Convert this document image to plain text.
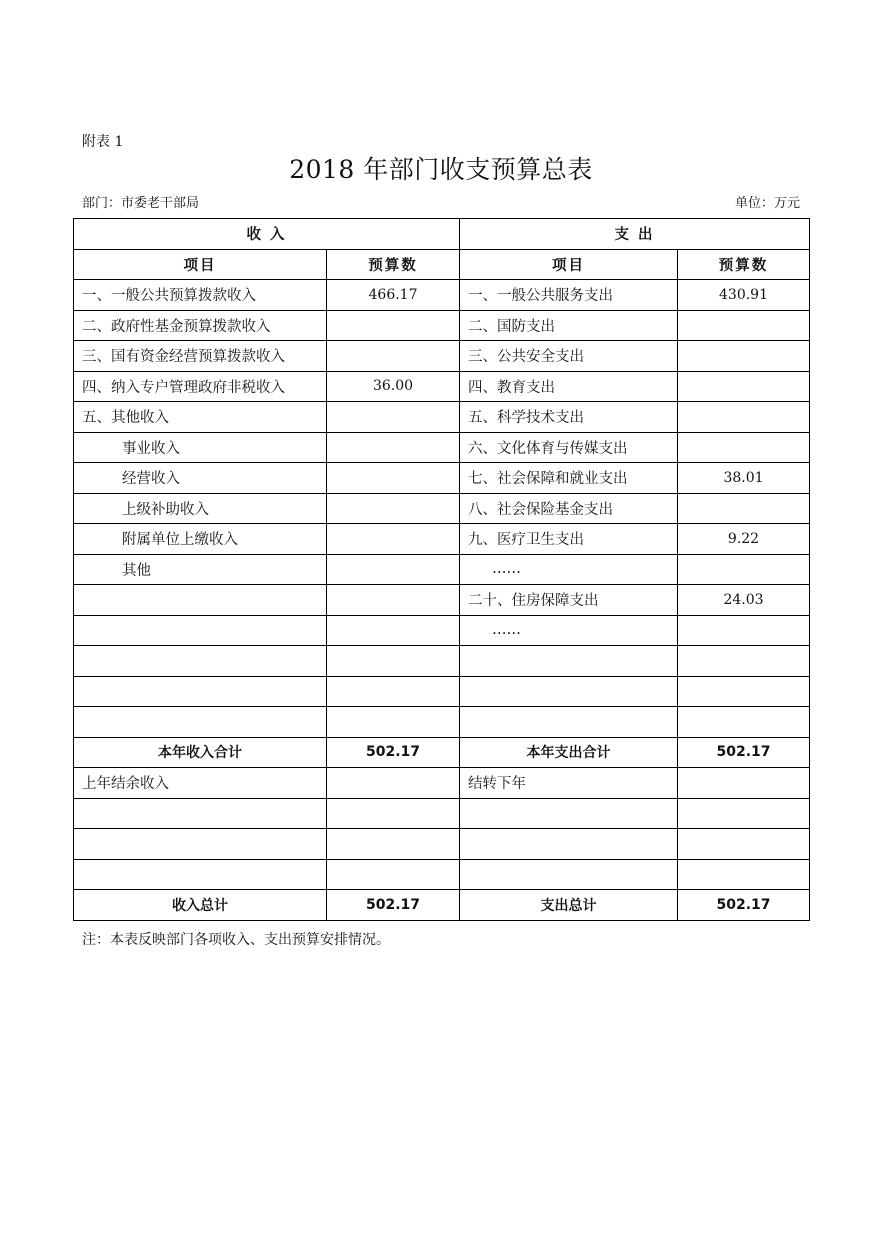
附表 1
2018 年部门收支预算总表
部门：市委老干部局	单位：万元
收 入		支 出	
项目	预算数	项目	预算数
一、一般公共预算拨款收入	466.17	一、一般公共服务支出	430.91
二、政府性基金预算拨款收入		二、国防支出	
三、国有资金经营预算拨款收入		三、公共安全支出	
四、纳入专户管理政府非税收入	36.00	四、教育支出	
五、其他收入		五、科学技术支出	
事业收入		六、文化体育与传媒支出	
经营收入		七、社会保障和就业支出	38.01
上级补助收入		八、社会保险基金支出	
附属单位上缴收入		九、医疗卫生支出	9.22
其他		……	
		二十、住房保障支出	24.03
		……	

本年收入合计	502.17	本年支出合计	502.17
上年结余收入		结转下年	

收入总计	502.17	支出总计	502.17
注：本表反映部门各项收入、支出预算安排情况。
